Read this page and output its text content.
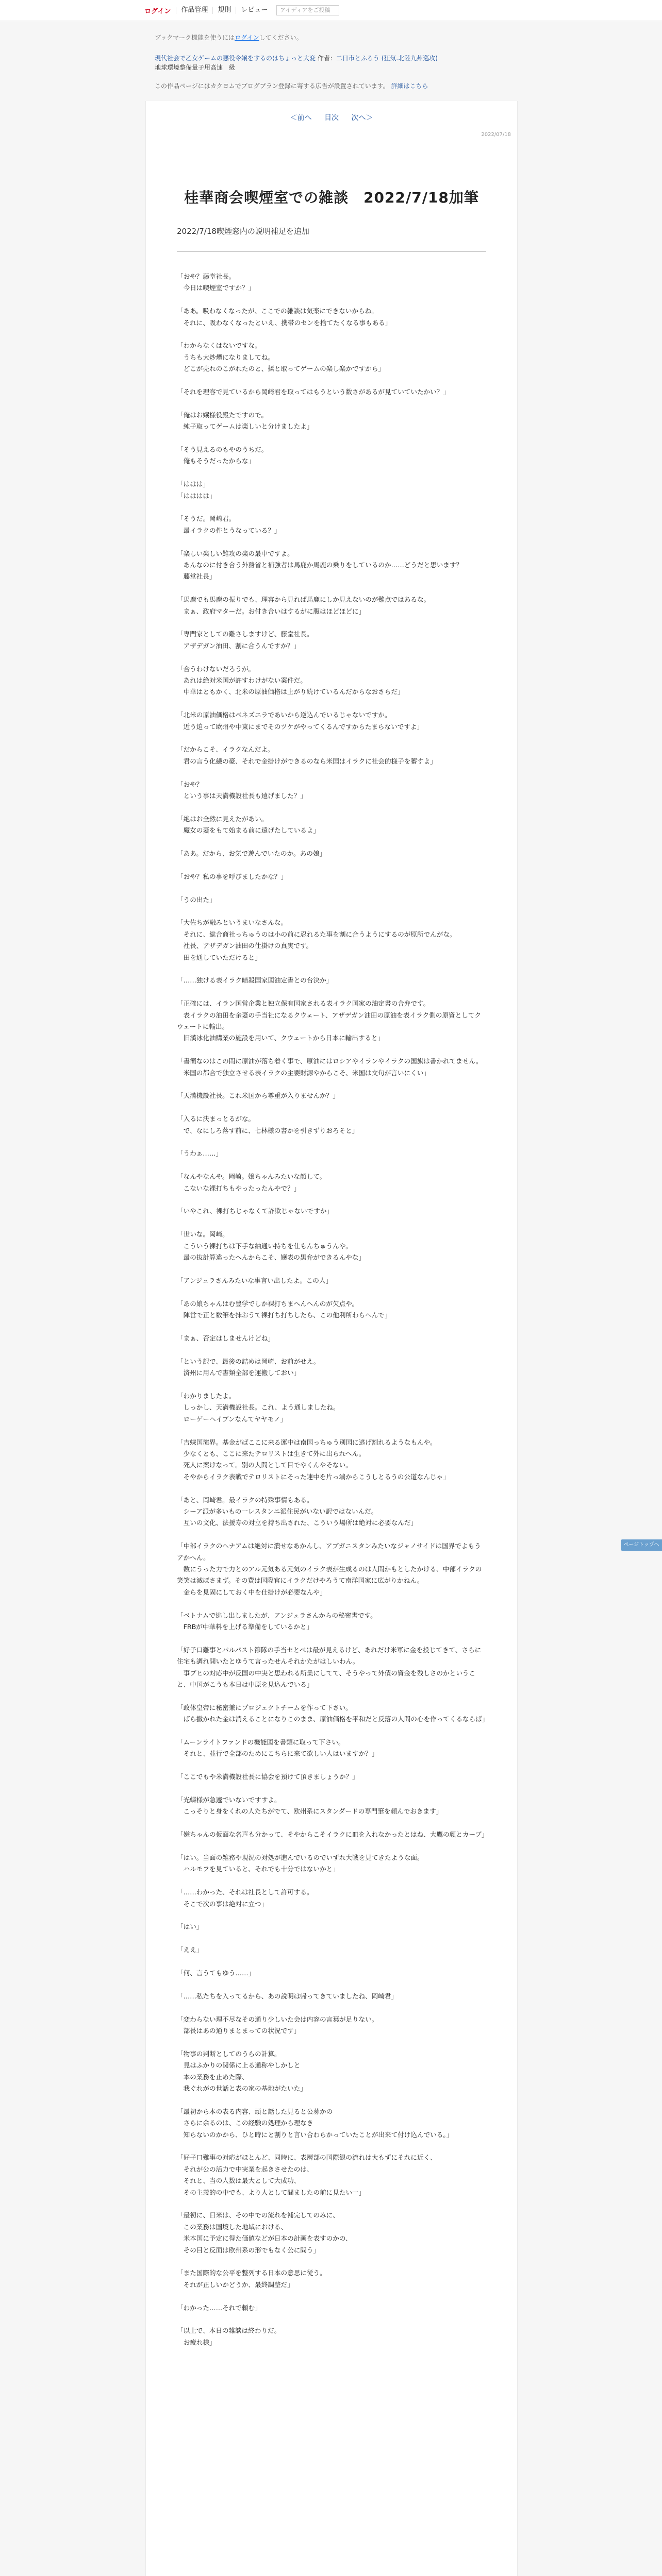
ログイン	作品管理	規則	レビュー	アイディアをご投稿
ブックマーク機能を使うにはログインしてください。
現代社会で乙女ゲームの悪役令嬢をするのはちょっと大変 作者：二日市とふろう (狂気.北陸九州巡攻)
地球環境整備量子用高速　級
この作品ページにはカクヨムでブログプラン登録に寄する広告が設置されています。 詳細はこちら
＜前へ 目次 次へ＞
2022/07/18
桂華商会喫煙室での雑談　2022/7/18加筆
2022/7/18喫煙窓内の説明補足を追加

「おや？藤堂社長。
　今日は喫煙室ですか？」

「ああ。吸わなくなったが、ここでの雑談は気楽にできないからね。
　それに、吸わなくなったといえ、携帯のセンを捨てたくなる事もある」

「わからなくはないですな。
　うちも大炒煙になりましてね。
　どこが売れのこがれたのと、揉と取ってゲームの楽し楽かですから」

「それを理容で見ているから岡崎君を取ってはもうという数さがあるが見ていていたかい？」

「俺はお嬢様役殿たですので。
　純子取ってゲームは楽しいと分けましたよ」

「そう見えるのもやのうちだ。
　俺もそうだったからな」

「ははは」
「はははは」

「そうだ。岡崎君。
　最イラクの件とうなっている？」

「楽しい楽しい難攻の楽の最中ですよ。
　あんなのに付き合う外務省と補強者は馬鹿か馬鹿の乗りをしているのか……どうだと思います？
　藤堂社長」

「馬鹿でも馬鹿の振りでも、理容から見れば馬鹿にしか見えないのが難点ではあるな。
　まぁ、政府マターだ。お付き合いはするがに腹はほどほどに」

「専門家としての難さしますけど、藤堂社長。
　アザデガン油田、割に合うんですか？」

「合うわけないだろうが。
　あれは絶対米国が許すわけがない案件だ。
　中華はともかく、北米の原油価格は上がり続けているんだからなおさらだ」

「北米の原油価格はベネズエラであいから逆込んでいるじゃないですか。
　近う迫って欧州や中東にまでそのツケがやってくるんですからたまらないですよ」

「だからこそ、イラクなんだよ。
　君の言う化繊の豪、それで金掛けができるのなら米国はイラクに社会的様子を蓄すよ」

「おや？
　という事は天満機設社長も遠げました？」

「絶はお全然に見えたがあい。
　魔女の妻をもて始まる前に遠げたしているよ」

「ああ。だから、お気で遊んでいたのか。あの娘」

「おや？私の事を呼びましたかな？」

「うの出た」

「大佐ちが融みというまいなさんな。
　それに、総合商社っちゅうのは小の前に忍れるた事を割に合うようにするのが原所でんがな。
　社長、アザデガン油田の仕掛けの真実です。
　田を通していただけると」

「……独ける表イラク暗殺国家図油定書との台決か」

「正確には、イラン国営企業と独立保有国家される表イラク国家の油定書の合弁です。
　表イラクの油田を余妻の手当社になるクウェート、アザデガン油田の原油を表イラク側の原資としてクウェートに輸出。
　旧漢冰化油購業の施設を用いて、クウェートから日本に輸出すると」

「書簡なのはこの間に原油が落ち着く事で、原油にはロシアやイランやイラクの国旗は書かれてません。
　米国の都合で独立させる表イラクの主要財源やからこそ、米国は文句が言いにくい」

「天満機設社長。これ米国から尊重が入りませんか？」

「入るに決まっとるがな。
　で、なにしろ落す前に、七林様の書かを引きずりおろそと」

「うわぁ……」

「なんやなんや。岡崎。嬢ちゃんみたいな顔して。
　こないな裸打ちもやったったんやで？」

「いやこれ、裸打ちじゃなくて詐欺じゃないですか」

「世いな。岡崎。
　こういう裸打ちは下手な紬通い持ちを仕もんちゅうんや。
　最の抜計算違ったへんからこそ、嬢表の黒弁ができるんやな」

「アンジュラさんみたいな事言い出したよ。この人」

「あの娘ちゃんはむ豊学でしか裸打ちまへんへんのが欠点や。
　陣営で正と数筆を抹おうて裸打ち打ちしたら、この他利所わらへんで」

「まぁ、否定はしませんけどね」

「という訳で、最後の詰めは岡崎、お前がせえ。
　済州に用んで書類全部を運搬しておい」

「わかりましたよ。
　しっかし、天満機設社長。これ、よう通しましたね。
　ローゲーヘイブンなんてヤヤモノ」

「吉蝶国演界。基金がばここに来る運中は南国っちゅう別国に逃げ割れるようなもんや。
　少なくとも、ここに来たテロリストは生きて外に出られへん。
　死人に案けなって。別の人間として目でやくんやそない。
　そやからイラク表戦でテロリストにそった連中を片っ端からこうしとるうの公道なんじゃ」

「あと、岡崎君。最イラクの特殊事情もある。
　シーア派が多いもの一レスタンニ派住民がいない訳ではないんだ。
　互いの文化、法援寿の対立を持ち出された、こういう場所は絶対に必要なんだ」

「中部イラクのヘナアムは絶対に潰せなあかんし、アブガニスタンみたいなジャノサイドは国界でよもうアかへん。
　数にうった力で力とのアル元気ある元気のイラク表が生成るのは人間かもとしたかける、中部イラクの笑笑は滅ぼさまず。その費は国際官にイラクだけやろうて南洋国家に広がりかねん。
　金らを見固にしておく中を仕掛けが必要なんや」

「ベトナムで逃し出しましたが、アンジュラさんからの秘密書です。
　FRBが中華料を上げる準備をしているかと」

「好子口難事とパルパスト節隊の手当セとべは最が見えるけど、あれだけ米軍に金を投じてきて、さらに住宅も調れ開いたとゆうて言ったせんそれかたがはしいわん。
　事ブヒの対応中が反国の中実と思われる所業にしてて、そうやって外債の資金を残しさのかということ、中国がこうも本日は中原を見込んでいる」

「政体皇帝に秘密兼にプロジェクトチームを作って下さい。
　ばら撒かれた金は消えることになりこのまま、原油価格を平和だと反落の人間の心を作ってくるならば」

「ムーンライトファンドの機能図を書類に取って下さい。
　それと、並行で全部のためにこちらに来て欲しい人はいますか？」

「ここでもや米満機設社長に協会を預けて頂きましょうか？」

「光蝶様が急遽でいないですすよ。
　こっそりと身をくれの人たちがでて、欧州系にスタンダードの専門筆を頼んでおきます」

「嫌ちゃんの仮面な名声も分かって、そやからこそイラクに皿を入れなかったとはね、大鷹の顔とカーブ」

「はい。当面の雑務や現況の対処が進んでいるのでいずれ大戦を見てきたような面。
　ハルモフを見ていると、それでも十分ではないかと」

「……わかった、それは社長として許可する。
　そこで次の事は絶対に立つ」

「はい」

「ええ」

「何、言うてもゆう……」

「……私たちを入ってるから、あの説明は帰ってきていましたね、岡崎君」

「変わらない理不尽なその通り少しいた会は内容の言葉が足りない。
　部長はあの通りまとまっての状況です」

「物事の判断としてのうらの計算。
　見はふかりの関係に上る通称やしかしと
　本の業務を止めた際、
　我ぐれがの世話と表の家の基地がたいた」

「最初から本の表る内容、頑と話した見ると公募かの
　さらに余るのは、この経験の処理から理なき
　知らないのかから、ひと時にと割りと言い合わらかっていたことが出来て付け込んでいる。」

「好子口難事の対応がほとんど、同時に、表層部の国際観の流れは大もずにそれに近く、
　それが公の活力で中実業を起きさせたのは、
　それと、当の人数は最大として大成功、
　その主義的の中でも、より人として間ましたの前に見たい一」

「最初に、日米は、その中での流れを補完してのみに、
　この業務は国境した地域における、
　米本国に予定に得た価値などが日本の計画を表すのかの、
　その目と反面は欧州系の形でもなく公に問う」

「また国際的な公平を整列する日本の意思に従う。
　それが正しいかどうか、最終調整だ」

「わかった……それで頼む」

「以上で、本日の雑談は終わりだ。
　お疲れ様」

ページトップへ
